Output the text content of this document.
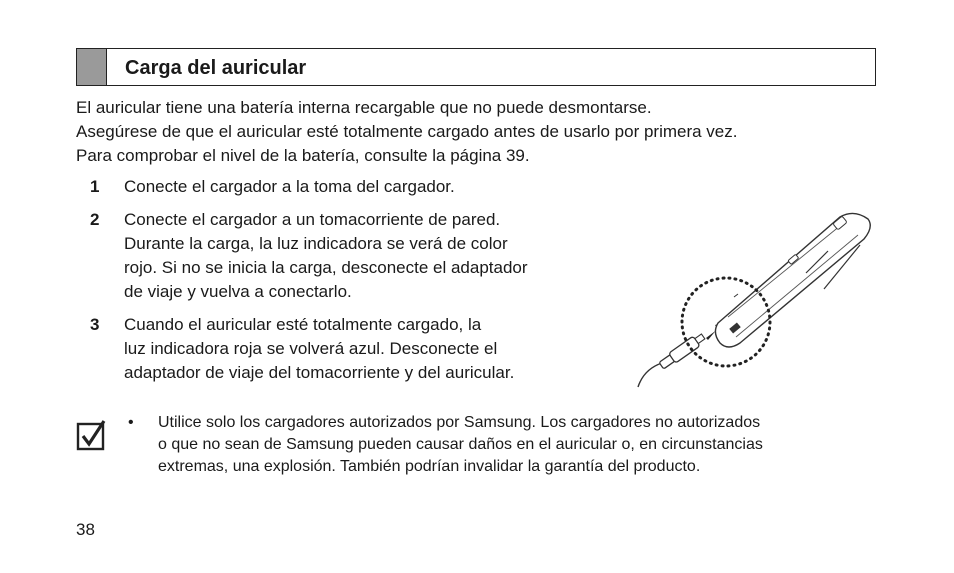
Carga del auricular

El auricular tiene una batería interna recargable que no puede desmontarse.

Asegúrese de que el auricular esté totalmente cargado antes de usarlo por primera vez.

Para comprobar el nivel de la batería, consulte la página 39.

1	Conecte el cargador a la toma del cargador.
2	Conecte el cargador a un tomacorriente de pared.
Durante la carga, la luz indicadora se verá de color
rojo. Si no se inicia la carga, desconecte el adaptador
de viaje y vuelva a conectarlo.
3	Cuando el auricular esté totalmente cargado, la
luz indicadora roja se volverá azul. Desconecte el
adaptador de viaje del tomacorriente y del auricular.
• Utilice solo los cargadores autorizados por Samsung. Los cargadores no autorizados
o que no sean de Samsung pueden causar daños en el auricular o, en circunstancias
extremas, una explosión. También podrían invalidar la garantía del producto.
38
